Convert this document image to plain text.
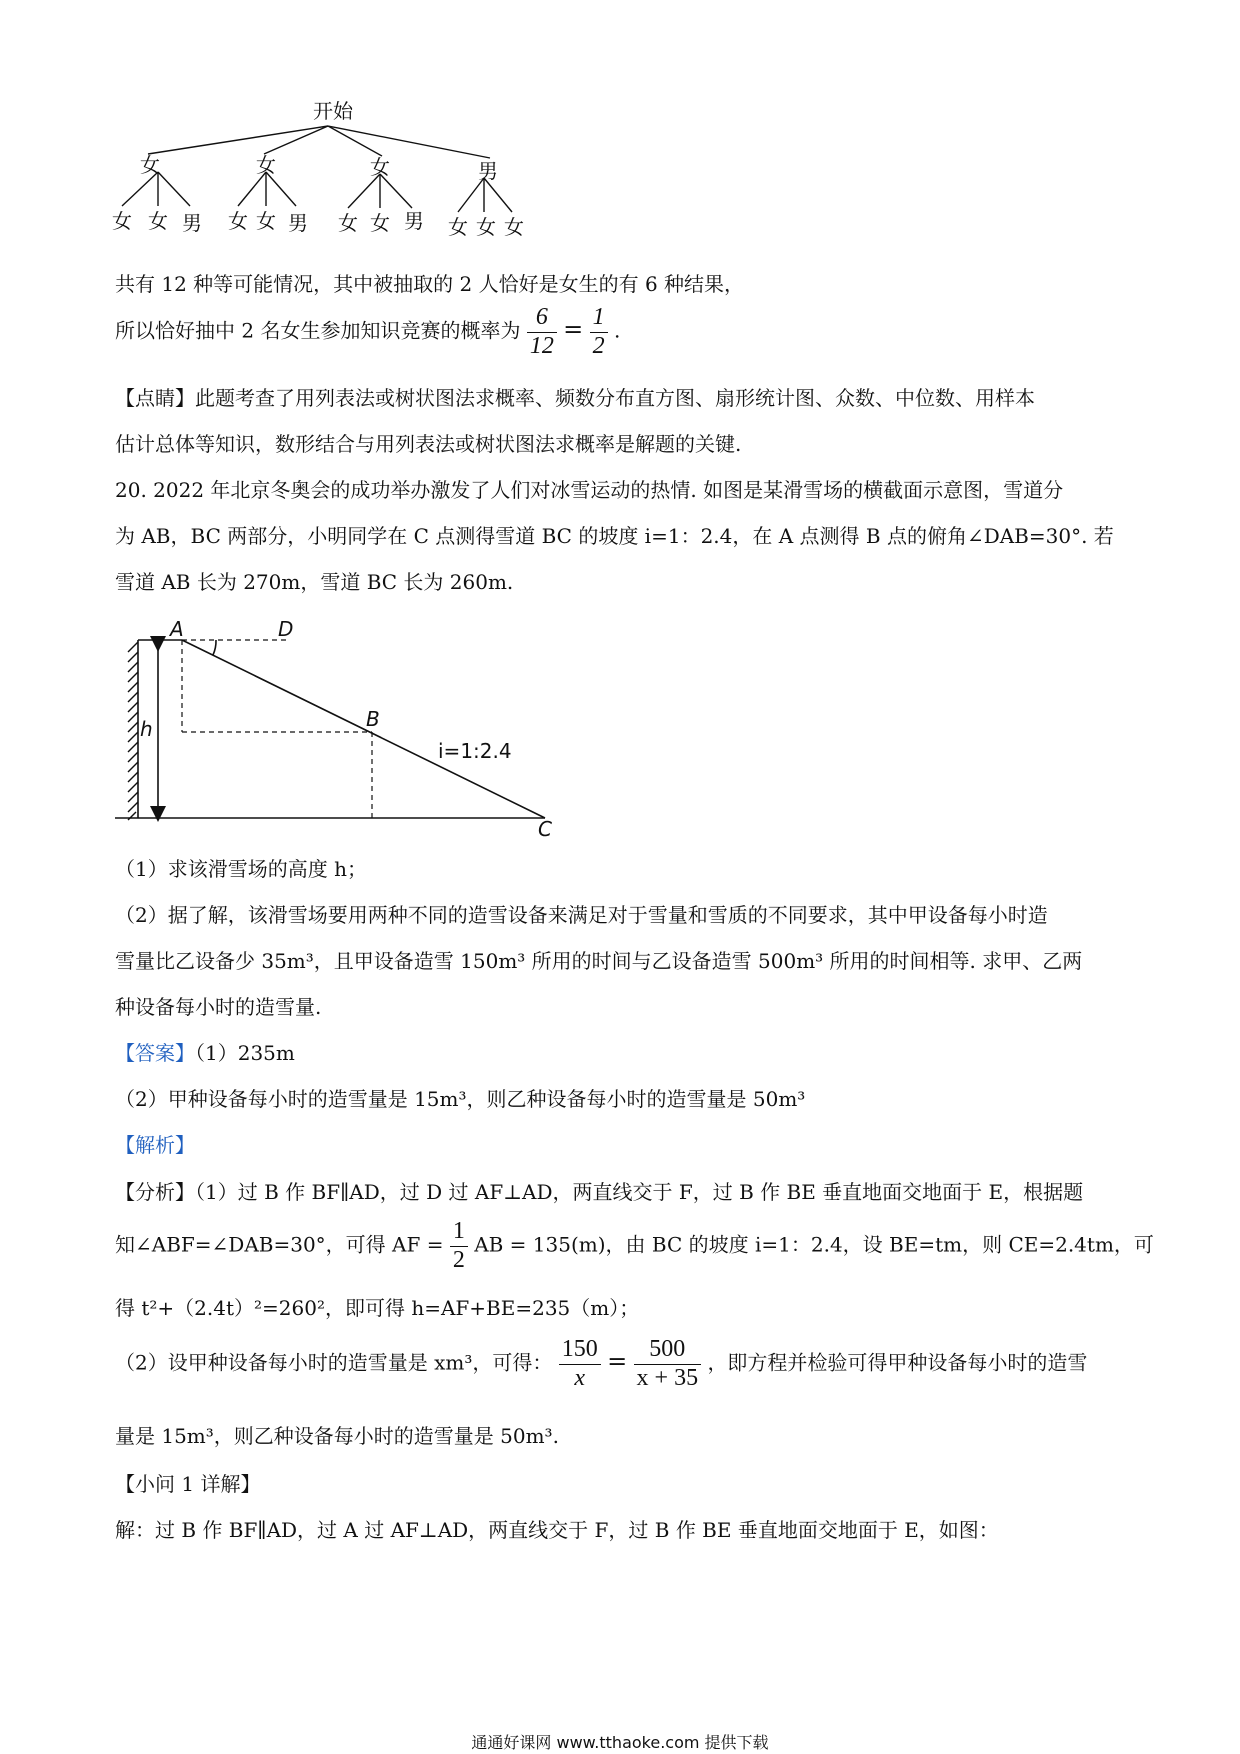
开始
女	女	女	男
女 女 男 女 女 男 女 女 男 女 女 女
共有 12 种等可能情况，其中被抽取的 2 人恰好是女生的有 6 种结果，
所以恰好抽中 2 名女生参加知识竞赛的概率为 $\frac{6}{12} = \frac{1}{2}$ .
【点睛】此题考查了用列表法或树状图法求概率、频数分布直方图、扇形统计图、众数、中位数、用样本
估计总体等知识，数形结合与用列表法或树状图法求概率是解题的关键.
20. 2022 年北京冬奥会的成功举办激发了人们对冰雪运动的热情. 如图是某滑雪场的横截面示意图，雪道分
为 AB，BC 两部分，小明同学在 C 点测得雪道 BC 的坡度 i=1：2.4，在 A 点测得 B 点的俯角∠DAB=30°. 若
雪道 AB 长为 270m，雪道 BC 长为 260m.
A	D
B
C
h
i=1:2.4
（1）求该滑雪场的高度 h；
（2）据了解，该滑雪场要用两种不同的造雪设备来满足对于雪量和雪质的不同要求，其中甲设备每小时造
雪量比乙设备少 35m³，且甲设备造雪 150m³ 所用的时间与乙设备造雪 500m³ 所用的时间相等. 求甲、乙两
种设备每小时的造雪量.
【答案】（1）235m
（2）甲种设备每小时的造雪量是 15m³，则乙种设备每小时的造雪量是 50m³
【解析】
【分析】（1）过 B 作 BF∥AD，过 D 过 AF⊥AD，两直线交于 F，过 B 作 BE 垂直地面交地面于 E，根据题
知∠ABF=∠DAB=30°，可得 AF = $\frac{1}{2}$ AB = 135(m)，由 BC 的坡度 i=1：2.4，设 BE=tm，则 CE=2.4tm，可
得 t²+（2.4t）²=260²，即可得 h=AF+BE=235（m）；
（2）设甲种设备每小时的造雪量是 xm³，可得： $\frac{150}{x} = \frac{500}{x + 35}$ ，即方程并检验可得甲种设备每小时的造雪
量是 15m³，则乙种设备每小时的造雪量是 50m³.
【小问 1 详解】
解：过 B 作 BF∥AD，过 A 过 AF⊥AD，两直线交于 F，过 B 作 BE 垂直地面交地面于 E，如图：
通通好课网 www.tthaoke.com 提供下载
